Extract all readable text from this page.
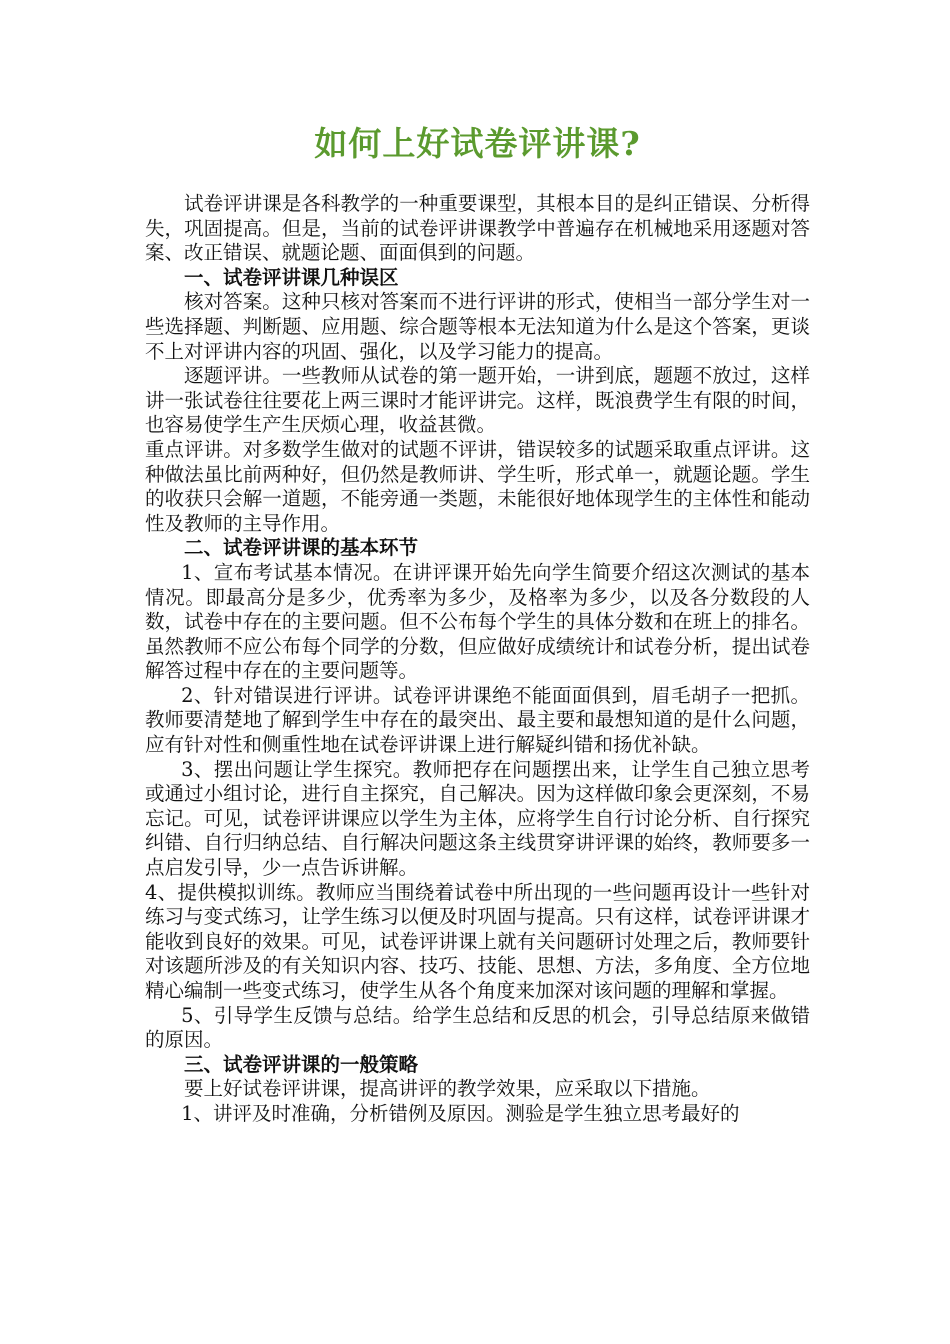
如何上好试卷评讲课?

试卷评讲课是各科教学的一种重要课型，其根本目的是纠正错误、分析得失，巩固提高。但是，当前的试卷评讲课教学中普遍存在机械地采用逐题对答案、改正错误、就题论题、面面俱到的问题。

一、试卷评讲课几种误区

核对答案。这种只核对答案而不进行评讲的形式，使相当一部分学生对一些选择题、判断题、应用题、综合题等根本无法知道为什么是这个答案，更谈不上对评讲内容的巩固、强化，以及学习能力的提高。

逐题评讲。一些教师从试卷的第一题开始，一讲到底，题题不放过，这样讲一张试卷往往要花上两三课时才能评讲完。这样，既浪费学生有限的时间，也容易使学生产生厌烦心理，收益甚微。

重点评讲。对多数学生做对的试题不评讲，错误较多的试题采取重点评讲。这种做法虽比前两种好，但仍然是教师讲、学生听，形式单一，就题论题。学生的收获只会解一道题，不能旁通一类题，未能很好地体现学生的主体性和能动性及教师的主导作用。

二、试卷评讲课的基本环节

1、宣布考试基本情况。在讲评课开始先向学生简要介绍这次测试的基本情况。即最高分是多少，优秀率为多少，及格率为多少，以及各分数段的人数，试卷中存在的主要问题。但不公布每个学生的具体分数和在班上的排名。虽然教师不应公布每个同学的分数，但应做好成绩统计和试卷分析，提出试卷解答过程中存在的主要问题等。

2、针对错误进行评讲。试卷评讲课绝不能面面俱到，眉毛胡子一把抓。教师要清楚地了解到学生中存在的最突出、最主要和最想知道的是什么问题，应有针对性和侧重性地在试卷评讲课上进行解疑纠错和扬优补缺。

3、摆出问题让学生探究。教师把存在问题摆出来，让学生自己独立思考或通过小组讨论，进行自主探究，自己解决。因为这样做印象会更深刻，不易忘记。可见，试卷评讲课应以学生为主体，应将学生自行讨论分析、自行探究纠错、自行归纳总结、自行解决问题这条主线贯穿讲评课的始终，教师要多一点启发引导，少一点告诉讲解。

4、提供模拟训练。教师应当围绕着试卷中所出现的一些问题再设计一些针对练习与变式练习，让学生练习以便及时巩固与提高。只有这样，试卷评讲课才能收到良好的效果。可见，试卷评讲课上就有关问题研讨处理之后，教师要针对该题所涉及的有关知识内容、技巧、技能、思想、方法，多角度、全方位地精心编制一些变式练习，使学生从各个角度来加深对该问题的理解和掌握。

5、引导学生反馈与总结。给学生总结和反思的机会，引导总结原来做错的原因。

三、试卷评讲课的一般策略

要上好试卷评讲课，提高讲评的教学效果，应采取以下措施。

1、讲评及时准确，分析错例及原因。测验是学生独立思考最好的
